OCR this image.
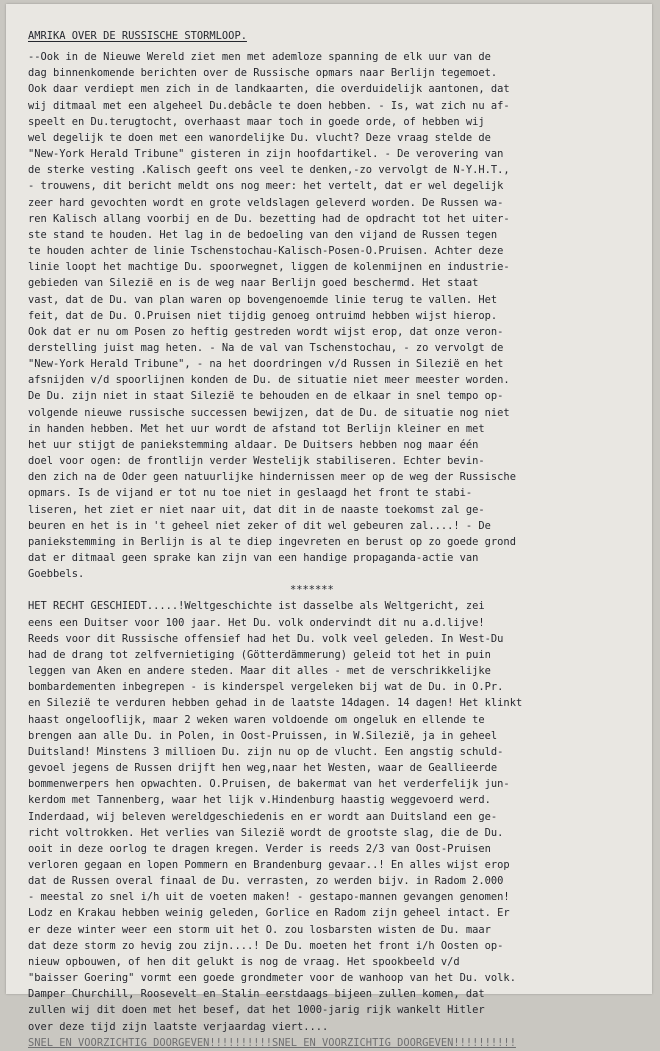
AMRIKA OVER DE RUSSISCHE STORMLOOP.

--Ook in de Nieuwe Wereld ziet men met ademloze spanning de elk uur van de
dag binnenkomende berichten over de Russische opmars naar Berlijn tegemoet.
Ook daar verdiept men zich in de landkaarten, die overduidelijk aantonen, dat
wij ditmaal met een algeheel Du.debâcle te doen hebben. - Is, wat zich nu af-
speelt en Du.terugtocht, overhaast maar toch in goede orde, of hebben wij
wel degelijk te doen met een wanordelijke Du. vlucht? Deze vraag stelde de
"New-York Herald Tribune" gisteren in zijn hoofdartikel. - De verovering van
de sterke vesting .Kalisch geeft ons veel te denken,-zo vervolgt de N-Y.H.T.,
- trouwens, dit bericht meldt ons nog meer: het vertelt, dat er wel degelijk
zeer hard gevochten wordt en grote veldslagen geleverd worden. De Russen wa-
ren Kalisch allang voorbij en de Du. bezetting had de opdracht tot het uiter-
ste stand te houden. Het lag in de bedoeling van den vijand de Russen tegen
te houden achter de linie Tschenstochau-Kalisch-Posen-O.Pruisen. Achter deze
linie loopt het machtige Du. spoorwegnet, liggen de kolenmijnen en industrie-
gebieden van Silezië en is de weg naar Berlijn goed beschermd. Het staat
vast, dat de Du. van plan waren op bovengenoemde linie terug te vallen. Het
feit, dat de Du. O.Pruisen niet tijdig genoeg ontruimd hebben wijst hierop.
Ook dat er nu om Posen zo heftig gestreden wordt wijst erop, dat onze veron-
derstelling juist mag heten. - Na de val van Tschenstochau, - zo vervolgt de
"New-York Herald Tribune", - na het doordringen v/d Russen in Silezië en het
afsnijden v/d spoorlijnen konden de Du. de situatie niet meer meester worden.
De Du. zijn niet in staat Silezië te behouden en de elkaar in snel tempo op-
volgende nieuwe russische successen bewijzen, dat de Du. de situatie nog niet
in handen hebben. Met het uur wordt de afstand tot Berlijn kleiner en met
het uur stijgt de paniekstemming aldaar. De Duitsers hebben nog maar één
doel voor ogen: de frontlijn verder Westelijk stabiliseren. Echter bevin-
den zich na de Oder geen natuurlijke hindernissen meer op de weg der Russische
opmars. Is de vijand er tot nu toe niet in geslaagd het front te stabi-
liseren, het ziet er niet naar uit, dat dit in de naaste toekomst zal ge-
beuren en het is in 't geheel niet zeker of dit wel gebeuren zal....! - De
paniekstemming in Berlijn is al te diep ingevreten en berust op zo goede grond
dat er ditmaal geen sprake kan zijn van een handige propaganda-actie van
Goebbels.

*******

HET RECHT GESCHIEDT.....!Weltgeschichte ist dasselbe als Weltgericht, zei
eens een Duitser voor 100 jaar. Het Du. volk ondervindt dit nu a.d.lijve!
Reeds voor dit Russische offensief had het Du. volk veel geleden. In West-Du
had de drang tot zelfvernietiging (Götterdämmerung) geleid tot het in puin
leggen van Aken en andere steden. Maar dit alles - met de verschrikkelijke
bombardementen inbegrepen - is kinderspel vergeleken bij wat de Du. in O.Pr.
en Silezië te verduren hebben gehad in de laatste 14dagen. 14 dagen! Het klinkt
haast ongelooflijk, maar 2 weken waren voldoende om ongeluk en ellende te
brengen aan alle Du. in Polen, in Oost-Pruissen, in W.Silezië, ja in geheel
Duitsland! Minstens 3 millioen Du. zijn nu op de vlucht. Een angstig schuld-
gevoel jegens de Russen drijft hen weg,naar het Westen, waar de Geallieerde
bommenwerpers hen opwachten. O.Pruisen, de bakermat van het verderfelijk jun-
kerdom met Tannenberg, waar het lijk v.Hindenburg haastig weggevoerd werd.
Inderdaad, wij beleven wereldgeschiedenis en er wordt aan Duitsland een ge-
richt voltrokken. Het verlies van Silezië wordt de grootste slag, die de Du.
ooit in deze oorlog te dragen kregen. Verder is reeds 2/3 van Oost-Pruisen
verloren gegaan en lopen Pommern en Brandenburg gevaar..! En alles wijst erop
dat de Russen overal finaal de Du. verrasten, zo werden bijv. in Radom 2.000
- meestal zo snel i/h uit de voeten maken! - gestapo-mannen gevangen genomen!
Lodz en Krakau hebben weinig geleden, Gorlice en Radom zijn geheel intact. Er
er deze winter weer een storm uit het O. zou losbarsten wisten de Du. maar
dat deze storm zo hevig zou zijn....! De Du. moeten het front i/h Oosten op-
nieuw opbouwen, of hen dit gelukt is nog de vraag. Het spookbeeld v/d
"baisser Goering" vormt een goede grondmeter voor de wanhoop van het Du. volk.
Damper Churchill, Roosevelt en Stalin eerstdaags bijeen zullen komen, dat
zullen wij dit doen met het besef, dat het 1000-jarig rijk wankelt Hitler
over deze tijd zijn laatste verjaardag viert....

SNEL EN VOORZICHTIG DOORGEVEN!!!!!!!!!!SNEL EN VOORZICHTIG DOORGEVEN!!!!!!!!!!
